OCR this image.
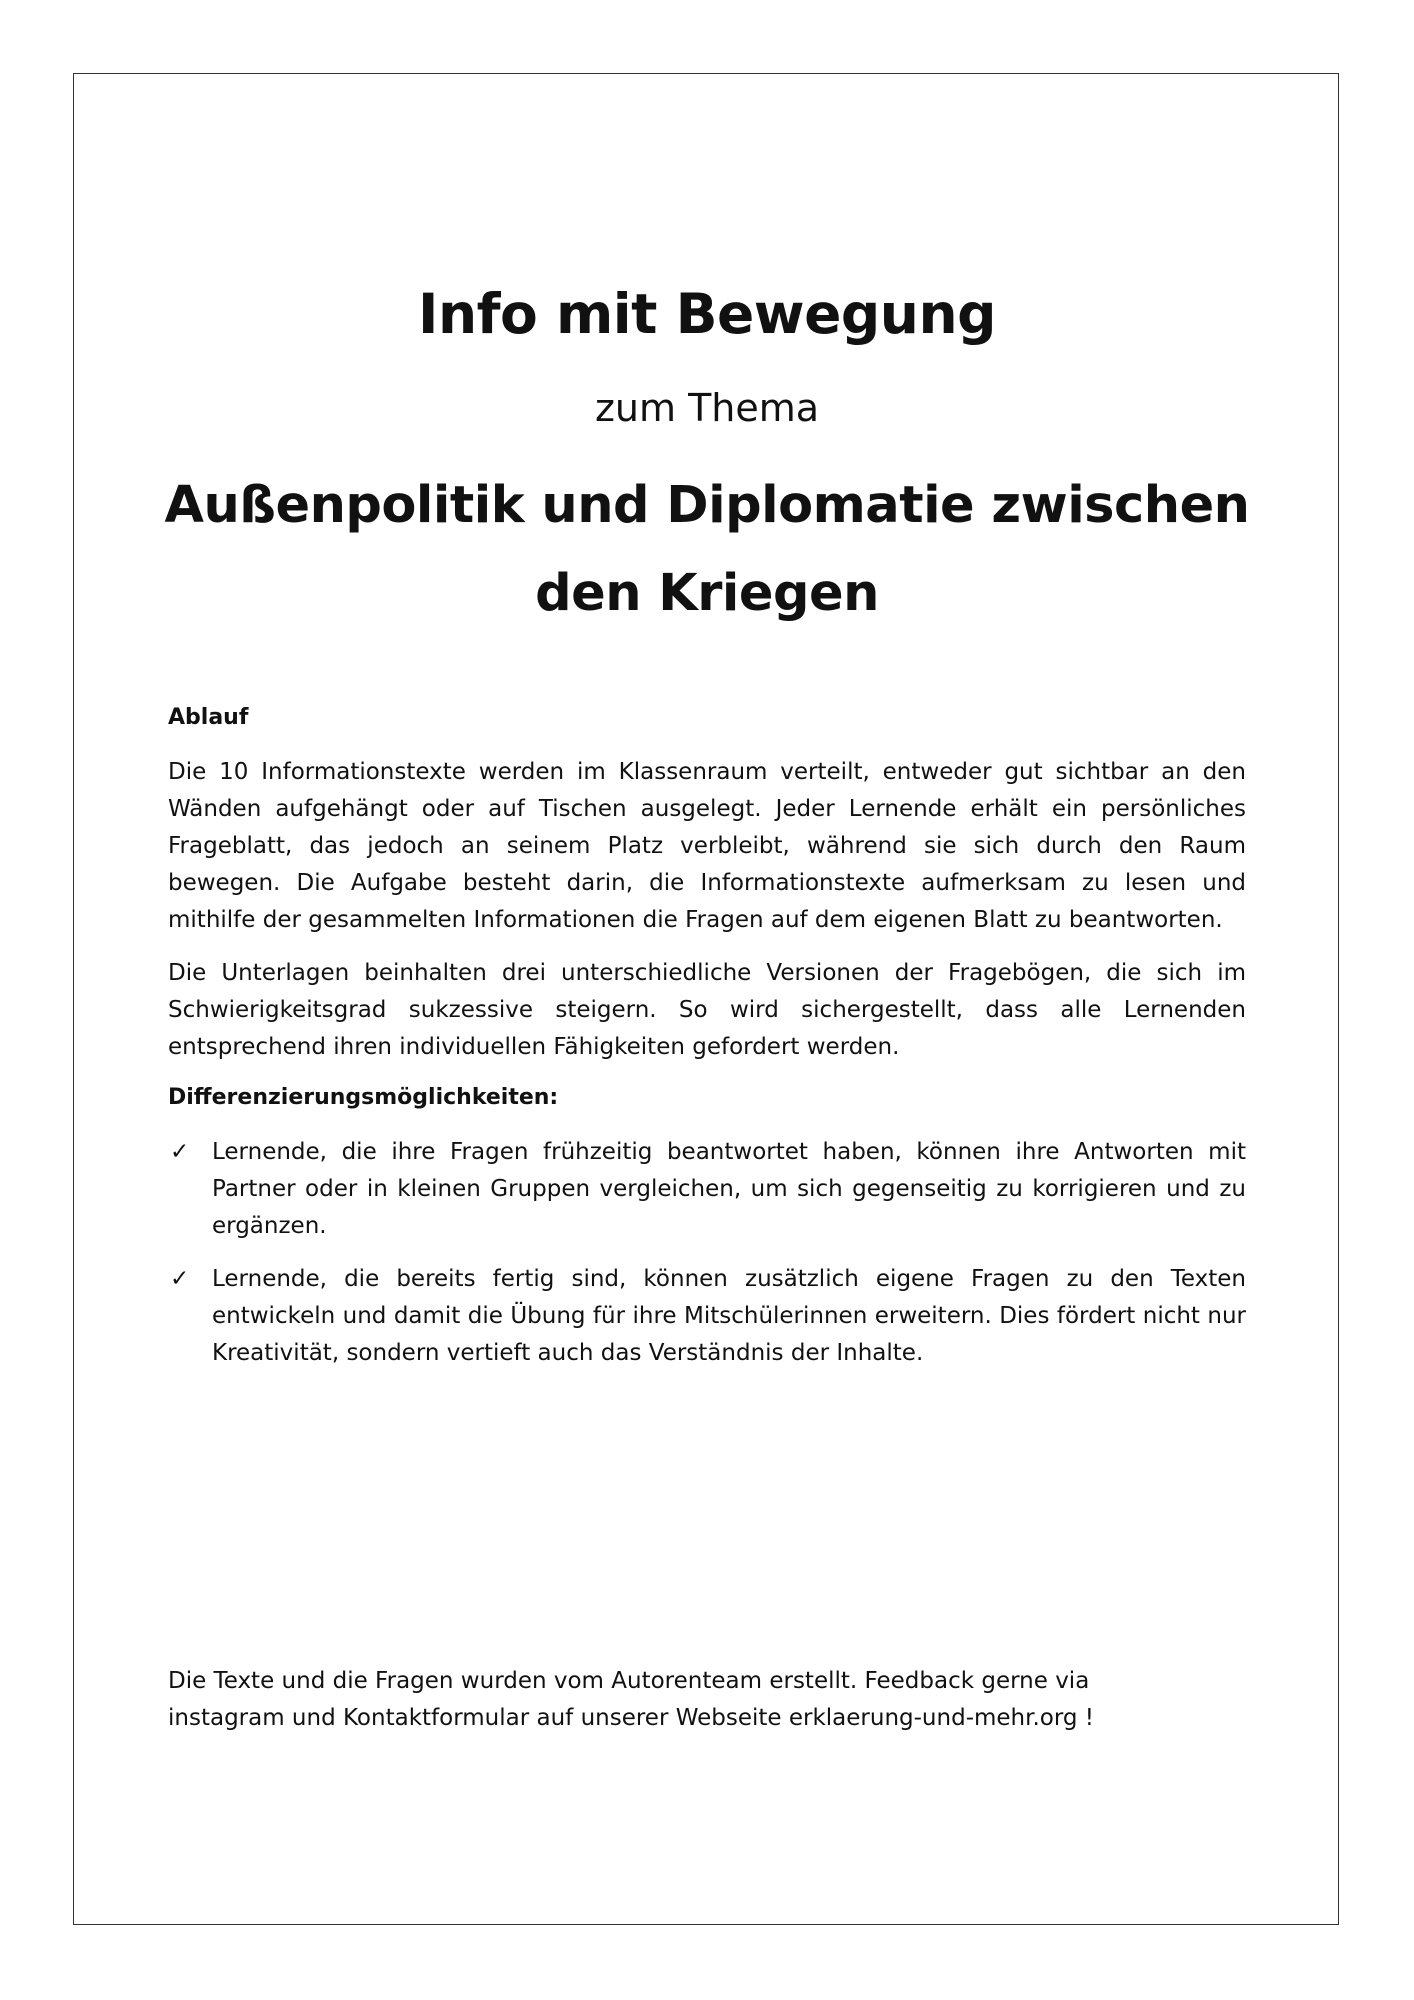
Info mit Bewegung

zum Thema

Außenpolitik und Diplomatie zwischen den Kriegen
Ablauf

Die 10 Informationstexte werden im Klassenraum verteilt, entweder gut sichtbar an den Wänden aufgehängt oder auf Tischen ausgelegt. Jeder Lernende erhält ein persönliches Frageblatt, das jedoch an seinem Platz verbleibt, während sie sich durch den Raum bewegen. Die Aufgabe besteht darin, die Informationstexte aufmerksam zu lesen und mithilfe der gesammelten Informationen die Fragen auf dem eigenen Blatt zu beantworten.

Die Unterlagen beinhalten drei unterschiedliche Versionen der Fragebögen, die sich im Schwierigkeitsgrad sukzessive steigern. So wird sichergestellt, dass alle Lernenden entsprechend ihren individuellen Fähigkeiten gefordert werden.

Differenzierungsmöglichkeiten:
✓ Lernende, die ihre Fragen frühzeitig beantwortet haben, können ihre Antworten mit Partner oder in kleinen Gruppen vergleichen, um sich gegenseitig zu korrigieren und zu ergänzen.
✓ Lernende, die bereits fertig sind, können zusätzlich eigene Fragen zu den Texten entwickeln und damit die Übung für ihre Mitschülerinnen erweitern. Dies fördert nicht nur Kreativität, sondern vertieft auch das Verständnis der Inhalte.

Die Texte und die Fragen wurden vom Autorenteam erstellt. Feedback gerne via
instagram und Kontaktformular auf unserer Webseite erklaerung-und-mehr.org !
